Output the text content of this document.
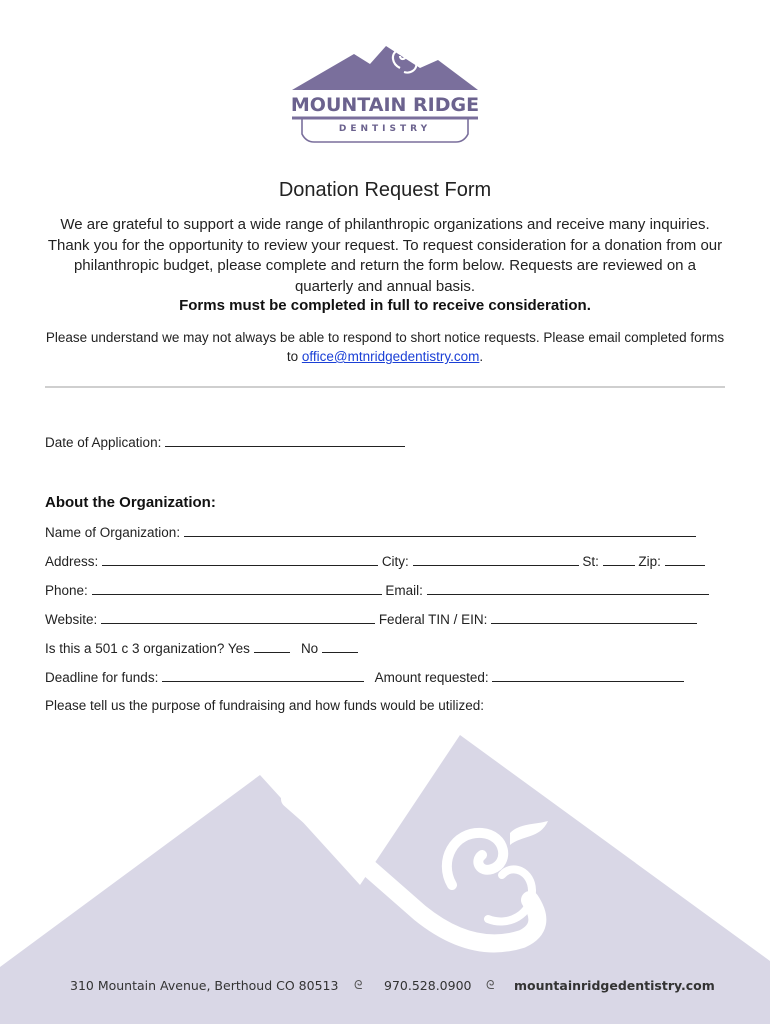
MOUNTAIN RIDGE
DENTISTRY
Donation Request Form
We are grateful to support a wide range of philanthropic organizations and receive many inquiries. Thank you for the opportunity to review your request. To request consideration for a donation from our philanthropic budget, please complete and return the form below. Requests are reviewed on a quarterly and annual basis.
Forms must be completed in full to receive consideration.
Please understand we may not always be able to respond to short notice requests. Please email completed forms to office@mtnridgedentistry.com.
Date of Application:
About the Organization:
Name of Organization:
Address:	City:	St:	Zip:
Phone:	Email:
Website:	Federal TIN / EIN:
Is this a 501 c 3 organization? Yes	No
Deadline for funds:	Amount requested:
Please tell us the purpose of fundraising and how funds would be utilized:
310 Mountain Avenue, Berthoud CO 80513 ᘓ 970.528.0900 ᘓ mountainridgedentistry.com
